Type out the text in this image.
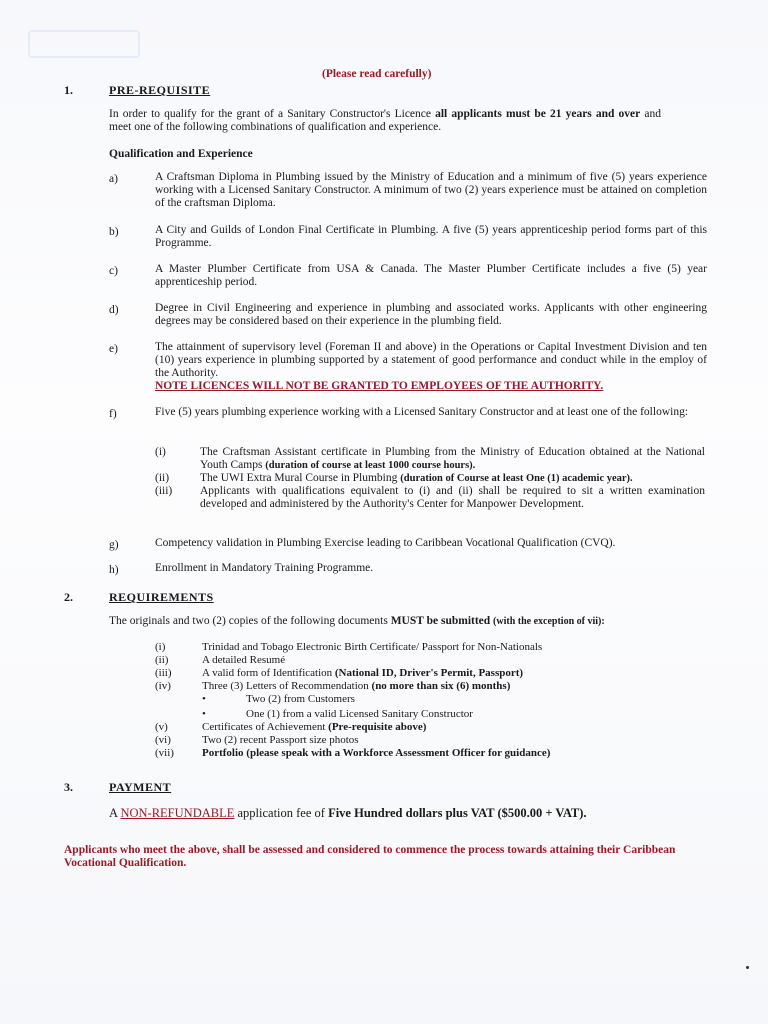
(Please read carefully)
1.	PRE-REQUISITE
In order to qualify for the grant of a Sanitary Constructor's Licence all applicants must be 21 years and over and meet one of the following combinations of qualification and experience.
Qualification and Experience
a)	A Craftsman Diploma in Plumbing issued by the Ministry of Education and a minimum of five (5) years experience working with a Licensed Sanitary Constructor. A minimum of two (2) years experience must be attained on completion of the craftsman Diploma.
b)	A City and Guilds of London Final Certificate in Plumbing. A five (5) years apprenticeship period forms part of this Programme.
c)	A Master Plumber Certificate from USA & Canada. The Master Plumber Certificate includes a five (5) year apprenticeship period.
d)	Degree in Civil Engineering and experience in plumbing and associated works. Applicants with other engineering degrees may be considered based on their experience in the plumbing field.
e)	The attainment of supervisory level (Foreman II and above) in the Operations or Capital Investment Division and ten (10) years experience in plumbing supported by a statement of good performance and conduct while in the employ of the Authority.
NOTE LICENCES WILL NOT BE GRANTED TO EMPLOYEES OF THE AUTHORITY.
f)	Five (5) years plumbing experience working with a Licensed Sanitary Constructor and at least one of the following:
(i)	The Craftsman Assistant certificate in Plumbing from the Ministry of Education obtained at the National Youth Camps (duration of course at least 1000 course hours).
(ii)	The UWI Extra Mural Course in Plumbing (duration of Course at least One (1) academic year).
(iii) Applicants with qualifications equivalent to (i) and (ii) shall be required to sit a written examination developed and administered by the Authority's Center for Manpower Development.
g)	Competency validation in Plumbing Exercise leading to Caribbean Vocational Qualification (CVQ).
h)	Enrollment in Mandatory Training Programme.
2.	REQUIREMENTS
The originals and two (2) copies of the following documents MUST be submitted (with the exception of vii):
(i)	Trinidad and Tobago Electronic Birth Certificate/ Passport for Non-Nationals
(ii)	A detailed Resumé
(iii)	A valid form of Identification (National ID, Driver's Permit, Passport)
(iv)	Three (3) Letters of Recommendation (no more than six (6) months)
•	Two (2) from Customers
•	One (1) from a valid Licensed Sanitary Constructor
(v)	Certificates of Achievement (Pre-requisite above)
(vi)	Two (2) recent Passport size photos
(vii)	Portfolio (please speak with a Workforce Assessment Officer for guidance)
3.	PAYMENT
A NON-REFUNDABLE application fee of Five Hundred dollars plus VAT ($500.00 + VAT).
Applicants who meet the above, shall be assessed and considered to commence the process towards attaining their Caribbean Vocational Qualification.
